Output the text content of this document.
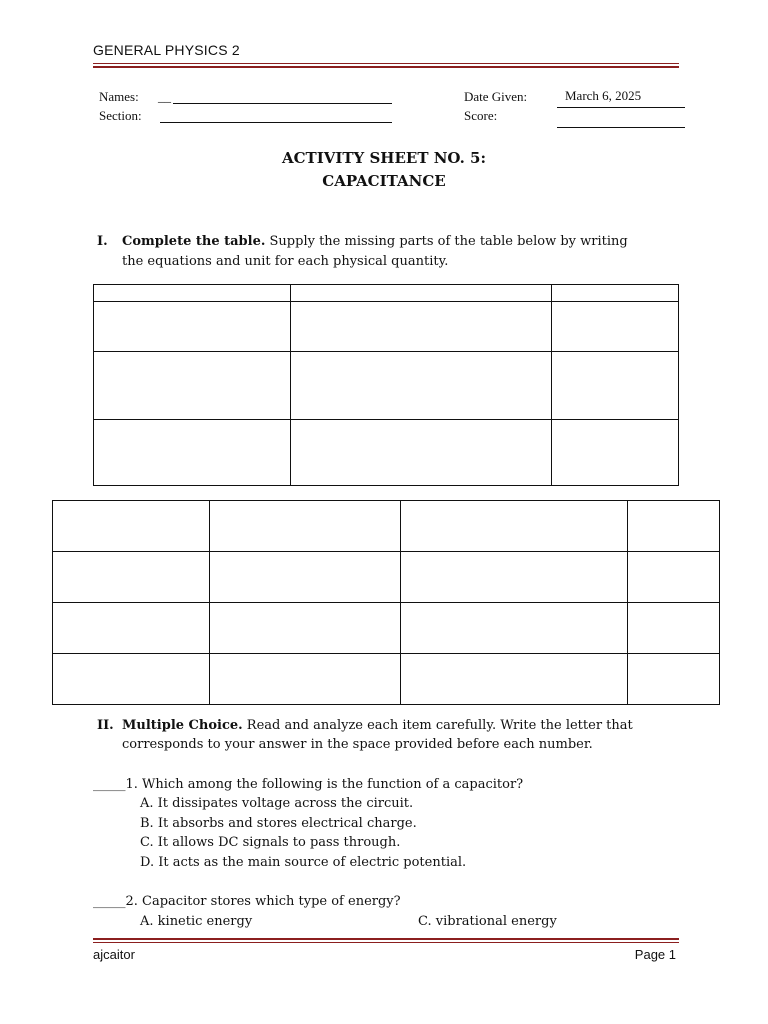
GENERAL PHYSICS 2
Names: __
Section:
Date Given:	March 6, 2025
Score:
ACTIVITY SHEET NO. 5:
CAPACITANCE
I. Complete the table. Supply the missing parts of the table below by writing
the equations and unit for each physical quantity.

II. Multiple Choice. Read and analyze each item carefully. Write the letter that
corresponds to your answer in the space provided before each number.
_____1. Which among the following is the function of a capacitor?
A. It dissipates voltage across the circuit.
B. It absorbs and stores electrical charge.
C. It allows DC signals to pass through.
D. It acts as the main source of electric potential.
_____2. Capacitor stores which type of energy?
A. kinetic energy	C. vibrational energy
ajcaitor	Page 1
